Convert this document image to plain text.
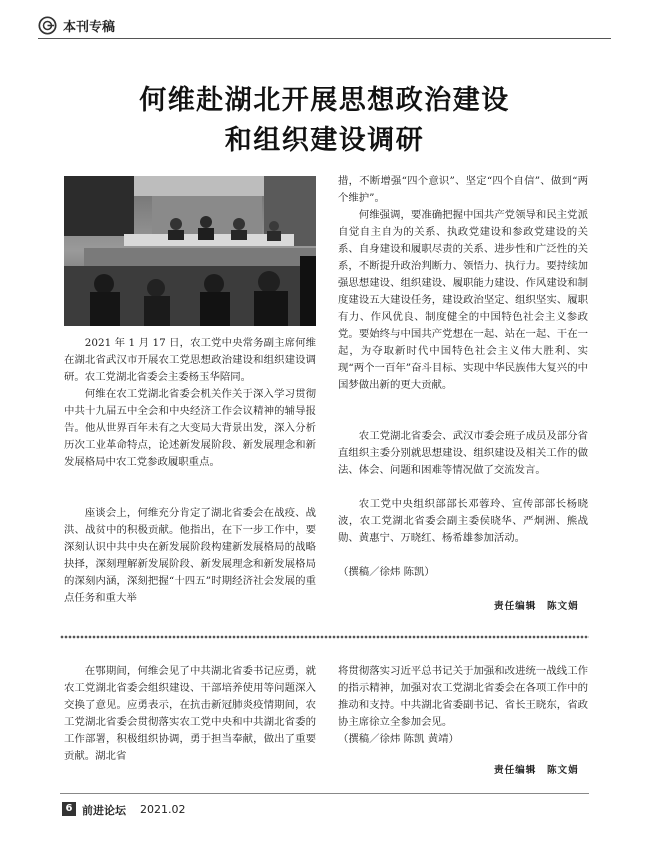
本刊专稿
何维赴湖北开展思想政治建设
和组织建设调研

2021 年 1 月 17 日，农工党中央常务副主席何维在湖北省武汉市开展农工党思想政治建设和组织建设调研。农工党湖北省委会主委杨玉华陪同。

何维在农工党湖北省委会机关作关于深入学习贯彻中共十九届五中全会和中央经济工作会议精神的辅导报告。他从世界百年未有之大变局大背景出发，深入分析历次工业革命特点，论述新发展阶段、新发展理念和新发展格局中农工党参政履职重点。

座谈会上，何维充分肯定了湖北省委会在战疫、战洪、战贫中的积极贡献。他指出，在下一步工作中，要深刻认识中共中央在新发展阶段构建新发展格局的战略抉择，深刻理解新发展阶段、新发展理念和新发展格局的深刻内涵，深刻把握“十四五”时期经济社会发展的重点任务和重大举

措，不断增强“四个意识”、坚定“四个自信”、做到“两个维护”。

何维强调，要准确把握中国共产党领导和民主党派自觉自主自为的关系、执政党建设和参政党建设的关系、自身建设和履职尽责的关系、进步性和广泛性的关系，不断提升政治判断力、领悟力、执行力。要持续加强思想建设、组织建设、履职能力建设、作风建设和制度建设五大建设任务，建设政治坚定、组织坚实、履职有力、作风优良、制度健全的中国特色社会主义参政党。要始终与中国共产党想在一起、站在一起、干在一起，为夺取新时代中国特色社会主义伟大胜利、实现“两个一百年”奋斗目标、实现中华民族伟大复兴的中国梦做出新的更大贡献。

农工党湖北省委会、武汉市委会班子成员及部分省直组织主委分别就思想建设、组织建设及相关工作的做法、体会、问题和困难等情况做了交流发言。

农工党中央组织部部长邓蓉玲、宣传部部长杨晓波，农工党湖北省委会副主委侯晓华、严炯洲、熊战勋、黄惠宁、万晓红、杨希雄参加活动。

（撰稿／徐炜 陈凯）

责任编辑　陈文娟

在鄂期间，何维会见了中共湖北省委书记应勇，就农工党湖北省委会组织建设、干部培养使用等问题深入交换了意见。应勇表示，在抗击新冠肺炎疫情期间，农工党湖北省委会贯彻落实农工党中央和中共湖北省委的工作部署，积极组织协调，勇于担当奉献，做出了重要贡献。湖北省

将贯彻落实习近平总书记关于加强和改进统一战线工作的指示精神，加强对农工党湖北省委会在各项工作中的推动和支持。中共湖北省委副书记、省长王晓东，省政协主席徐立全参加会见。

（撰稿／徐炜 陈凯 黄靖）

责任编辑　陈文娟

6 前进论坛 2021.02
